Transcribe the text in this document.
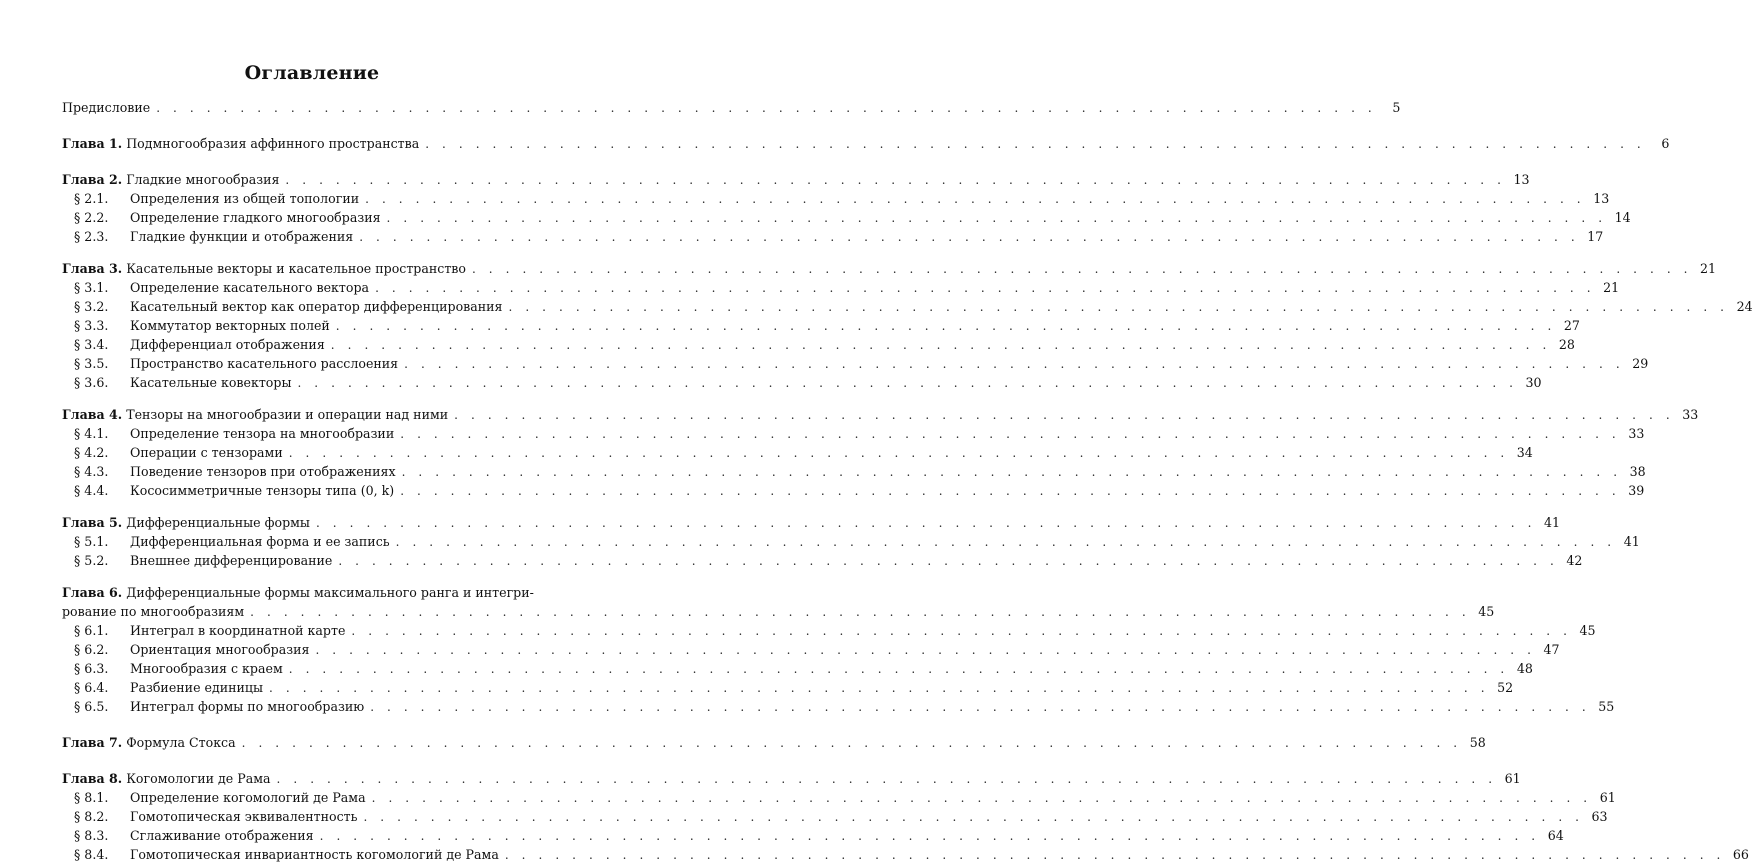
Оглавление
Предисловие . . . . . . . . . . . . . . . . . . . . . . . . . . . . . . . . . . . . . . . . . . . . . . . . . . . . . . . . . . . . . . . . . . . . . . . . .	5
Глава 1. Подмногообразия аффинного пространства . . . . . . . . . . . . . . . . . . . . . . . . . . . . . . . . . . . . . . . . . . . . . . . . . . . . . . . . . . . . . . . . . . . . . . . . .	6
Глава 2. Гладкие многообразия . . . . . . . . . . . . . . . . . . . . . . . . . . . . . . . . . . . . . . . . . . . . . . . . . . . . . . . . . . . . . . . . . . . . . . . . . 13
§ 2.1. Определения из общей топологии . . . . . . . . . . . . . . . . . . . . . . . . . . . . . . . . . . . . . . . . . . . . . . . . . . . . . . . . . . . . . . . . . . . . . . . . . 13
§ 2.2. Определение гладкого многообразия . . . . . . . . . . . . . . . . . . . . . . . . . . . . . . . . . . . . . . . . . . . . . . . . . . . . . . . . . . . . . . . . . . . . . . . . . 14
§ 2.3. Гладкие функции и отображения . . . . . . . . . . . . . . . . . . . . . . . . . . . . . . . . . . . . . . . . . . . . . . . . . . . . . . . . . . . . . . . . . . . . . . . . . 17
Глава 3. Касательные векторы и касательное пространство . . . . . . . . . . . . . . . . . . . . . . . . . . . . . . . . . . . . . . . . . . . . . . . . . . . . . . . . . . . . . . . . . . . . . . . . . 21
§ 3.1. Определение касательного вектора . . . . . . . . . . . . . . . . . . . . . . . . . . . . . . . . . . . . . . . . . . . . . . . . . . . . . . . . . . . . . . . . . . . . . . . . . 21
§ 3.2. Касательный вектор как оператор дифференцирования . . . . . . . . . . . . . . . . . . . . . . . . . . . . . . . . . . . . . . . . . . . . . . . . . . . . . . . . . . . . . . . . . . . . . . . . . 24
§ 3.3. Коммутатор векторных полей . . . . . . . . . . . . . . . . . . . . . . . . . . . . . . . . . . . . . . . . . . . . . . . . . . . . . . . . . . . . . . . . . . . . . . . . . 27
§ 3.4. Дифференциал отображения . . . . . . . . . . . . . . . . . . . . . . . . . . . . . . . . . . . . . . . . . . . . . . . . . . . . . . . . . . . . . . . . . . . . . . . . . 28
§ 3.5. Пространство касательного расслоения . . . . . . . . . . . . . . . . . . . . . . . . . . . . . . . . . . . . . . . . . . . . . . . . . . . . . . . . . . . . . . . . . . . . . . . . . 29
§ 3.6. Касательные ковекторы . . . . . . . . . . . . . . . . . . . . . . . . . . . . . . . . . . . . . . . . . . . . . . . . . . . . . . . . . . . . . . . . . . . . . . . . . 30
Глава 4. Тензоры на многообразии и операции над ними . . . . . . . . . . . . . . . . . . . . . . . . . . . . . . . . . . . . . . . . . . . . . . . . . . . . . . . . . . . . . . . . . . . . . . . . . 33
§ 4.1. Определение тензора на многообразии . . . . . . . . . . . . . . . . . . . . . . . . . . . . . . . . . . . . . . . . . . . . . . . . . . . . . . . . . . . . . . . . . . . . . . . . . 33
§ 4.2. Операции с тензорами . . . . . . . . . . . . . . . . . . . . . . . . . . . . . . . . . . . . . . . . . . . . . . . . . . . . . . . . . . . . . . . . . . . . . . . . . 34
§ 4.3. Поведение тензоров при отображениях . . . . . . . . . . . . . . . . . . . . . . . . . . . . . . . . . . . . . . . . . . . . . . . . . . . . . . . . . . . . . . . . . . . . . . . . . 38
§ 4.4. Кососимметричные тензоры типа (0, k) . . . . . . . . . . . . . . . . . . . . . . . . . . . . . . . . . . . . . . . . . . . . . . . . . . . . . . . . . . . . . . . . . . . . . . . . . 39
Глава 5. Дифференциальные формы . . . . . . . . . . . . . . . . . . . . . . . . . . . . . . . . . . . . . . . . . . . . . . . . . . . . . . . . . . . . . . . . . . . . . . . . . 41
§ 5.1. Дифференциальная форма и ее запись . . . . . . . . . . . . . . . . . . . . . . . . . . . . . . . . . . . . . . . . . . . . . . . . . . . . . . . . . . . . . . . . . . . . . . . . . 41
§ 5.2. Внешнее дифференцирование . . . . . . . . . . . . . . . . . . . . . . . . . . . . . . . . . . . . . . . . . . . . . . . . . . . . . . . . . . . . . . . . . . . . . . . . . 42
Глава 6. Дифференциальные формы максимального ранга и интегри-
рование по многообразиям . . . . . . . . . . . . . . . . . . . . . . . . . . . . . . . . . . . . . . . . . . . . . . . . . . . . . . . . . . . . . . . . . . . . . . . . . 45
§ 6.1. Интеграл в координатной карте . . . . . . . . . . . . . . . . . . . . . . . . . . . . . . . . . . . . . . . . . . . . . . . . . . . . . . . . . . . . . . . . . . . . . . . . . 45
§ 6.2. Ориентация многообразия . . . . . . . . . . . . . . . . . . . . . . . . . . . . . . . . . . . . . . . . . . . . . . . . . . . . . . . . . . . . . . . . . . . . . . . . . 47
§ 6.3. Многообразия с краем . . . . . . . . . . . . . . . . . . . . . . . . . . . . . . . . . . . . . . . . . . . . . . . . . . . . . . . . . . . . . . . . . . . . . . . . . 48
§ 6.4. Разбиение единицы . . . . . . . . . . . . . . . . . . . . . . . . . . . . . . . . . . . . . . . . . . . . . . . . . . . . . . . . . . . . . . . . . . . . . . . . . 52
§ 6.5. Интеграл формы по многообразию . . . . . . . . . . . . . . . . . . . . . . . . . . . . . . . . . . . . . . . . . . . . . . . . . . . . . . . . . . . . . . . . . . . . . . . . . 55
Глава 7. Формула Стокса . . . . . . . . . . . . . . . . . . . . . . . . . . . . . . . . . . . . . . . . . . . . . . . . . . . . . . . . . . . . . . . . . . . . . . . . . 58
Глава 8. Когомологии де Рама . . . . . . . . . . . . . . . . . . . . . . . . . . . . . . . . . . . . . . . . . . . . . . . . . . . . . . . . . . . . . . . . . . . . . . . . . 61
§ 8.1. Определение когомологий де Рама . . . . . . . . . . . . . . . . . . . . . . . . . . . . . . . . . . . . . . . . . . . . . . . . . . . . . . . . . . . . . . . . . . . . . . . . . 61
§ 8.2. Гомотопическая эквивалентность . . . . . . . . . . . . . . . . . . . . . . . . . . . . . . . . . . . . . . . . . . . . . . . . . . . . . . . . . . . . . . . . . . . . . . . . . 63
§ 8.3. Сглаживание отображения . . . . . . . . . . . . . . . . . . . . . . . . . . . . . . . . . . . . . . . . . . . . . . . . . . . . . . . . . . . . . . . . . . . . . . . . . 64
§ 8.4. Гомотопическая инвариантность когомологий де Рама . . . . . . . . . . . . . . . . . . . . . . . . . . . . . . . . . . . . . . . . . . . . . . . . . . . . . . . . . . . . . . . . . . . . . . . . . 66
